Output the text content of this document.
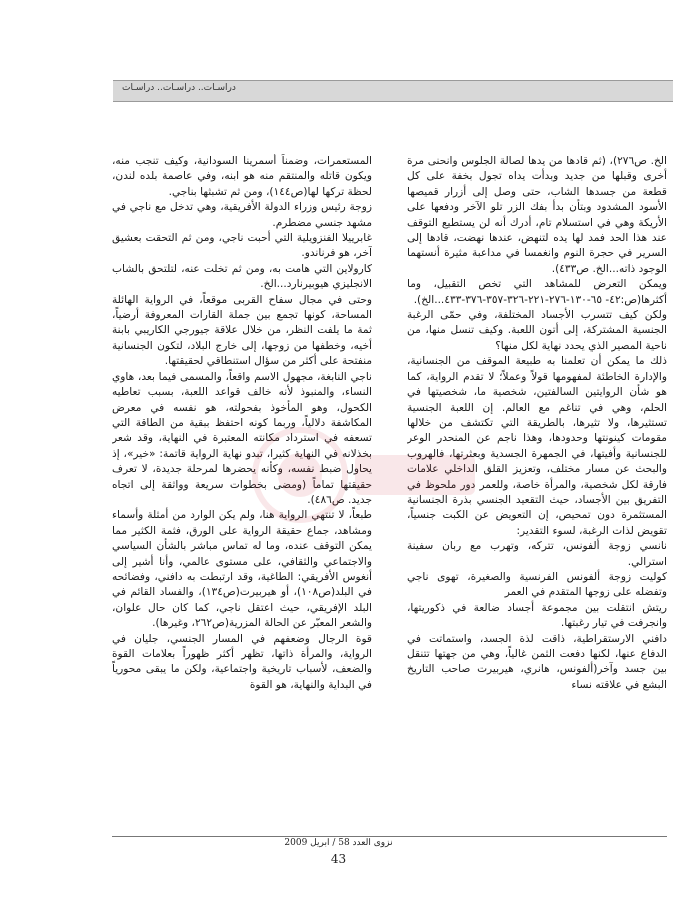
دراسـات.. دراسـات.. دراسـات

الخ. ص٢٧٦)، (ثم قادها من يدها لصالة الجلوس وانحنى مرة أخرى وقبلها من جديد وبدأت يداه تجول بخفة على كل قطعة من جسدها الشاب، حتى وصل إلى أزرار قميصها الأسود المشدود وبتأن بدأ بفك الزر تلو الآخر ودفعها على الأريكة وهي في استسلام تام، أدرك أنه لن يستطيع التوقف عند هذا الحد فمد لها يده لتنهض، عندها نهضت، قادها إلى السرير في حجرة النوم وانغمسا في مداعبة مثيرة أنستهما الوجود ذاته...الخ. ص٤٣٣).

ويمكن التعرض للمشاهد التي تخص التقبيل، وما أكثرها(ص:٤٢- ٦٥-١٣٠-٢٧٦-٢٢١-٣٢٦-٣٥٧-٣٧٦-٤٣٣...الخ).

ولكن كيف تتسرب الأجساد المختلفة، وفي حمّى الرغبة الجنسية المشتركة، إلى أتون اللعبة. وكيف تنسل منها، من ناحية المصير الذي يحدد نهاية لكل منها؟

ذلك ما يمكن أن تعلمنا به طبيعة الموقف من الجنسانية، والإدارة الخاطئة لمفهومها قولاً وعملاً؛ لا تقدم الرواية، كما هو شأن الروايتين السالفتين، شخصية ما، شخصيتها في الحلم، وهي في تناغم مع العالم. إن اللعبة الجنسية تستثيرها، ولا تثيرها، بالطريقة التي تكتشف من خلالها مقومات كينونتها وحدودها، وهذا ناجم عن المنحدر الوعر للجنسانية وأفيتها، في الجمهرة الجسدية وبعثرتها، فالهروب والبحث عن مسار مختلف، وتعزيز القلق الداخلي علامات فارقة لكل شخصية، والمرأة خاصة، وللعمر دور ملحوظ في التفريق بين الأجساد، حيث التقعيد الجنسي بذرة الجنسانية المستثمرة دون تمحيص، إن التعويض عن الكبت جنسياً، تقويض لذات الرغبة، لسوء التقدير:

نانسي زوجة ألفونس، تتركه، وتهرب مع ربان سفينة استرالي.

كوليت زوجة ألفونس الفرنسية والصغيرة، تهوى ناجي وتفضله على زوجها المتقدم في العمر

ريتش انتقلت بين مجموعة أجساد ضالعة في ذكوريتها، وانجرفت في تيار رغبتها.

دافني الارستقراطية، ذاقت لذة الجسد، واستماتت في الدفاع عنها، لكنها دفعت الثمن غالياً، وهي من جهتها تتنقل بين جسد وآخر(ألفونس، هانري، هيربيرت صاحب التاريخ البشع في علاقته نساء

المستعمرات، وضمناً أسمرينا السودانية، وكيف تنجب منه، ويكون قاتله والمنتقم منه هو ابنه، وفي عاصمة بلده لندن، لحظة تركها لها(ص١٤٤)، ومن ثم تشبثها بناجي.

زوجة رئيس وزراء الدولة الأفريقية، وهي تدخل مع ناجي في مشهد جنسي مضطرم.

غابرييلا الفنزويلية التي أحبت ناجي، ومن ثم التحقت بعشيق آخر، هو فرناندو.

كارولاين التي هامت به، ومن ثم تخلت عنه، لتلتحق بالشاب الانجليزي هيوبيرنارد...الخ.

وحتى في مجال سفاح القربى موقعاً، في الرواية الهائلة المساحة، كونها تجمع بين جملة القارات المعروفة أرضياً، ثمة ما يلفت النظر، من خلال علاقة جيورجي الكاريبي بابنة أخيه، وخطفها من زوجها، إلى خارج البلاد، لتكون الجنسانية منفتحة على أكثر من سؤال استنطاقي لحقيقتها.

ناجي النابغة، مجهول الاسم واقعاً، والمسمى فيما بعد، هاوي النساء، والمنبوذ لأنه خالف قواعد اللعبة، بسبب تعاطيه الكحول، وهو المأخوذ بفحولته، هو نفسه في معرض المكاشفة دلالياً، وربما كونه احتفظ ببقية من الطاقة التي تسعفه في استرداد مكانته المعتبرة في النهاية، وقد شعر بخذلانه في النهاية كثيرا، تبدو نهاية الرواية قاتمة: «خير»، إذ يحاول ضبط نفسه، وكأنه يحضرها لمرحلة جديدة، لا تعرف حقيقتها تماماً (ومضى بخطوات سريعة وواثقة إلى اتجاه جديد. ص٤٨٦).

طبعاً، لا تنتهي الرواية هنا، ولم يكن الوارد من أمثلة وأسماء ومشاهد، جماع حقيقة الرواية على الورق، فثمة الكثير مما يمكن التوقف عنده، وما له تماس مباشر بالشأن السياسي والاجتماعي والثقافي، على مستوى عالمي، وأنا أشير إلى أنغوس الأفريقي: الطاغية، وقد ارتبطت به دافني، وفضائحه في البلد(ص١٠٨)، أو هيربيرت(ص١٣٤)، والفساد القائم في البلد الإفريقي، حيث اعتقل ناجي، كما كان حال علوان، والشعر المعبّر عن الحالة المزرية(ص٢٦٢، وغيرها).

قوة الرجال وضعفهم في المسار الجنسي، جليان في الرواية، والمرأة ذاتها، تظهر أكثر ظهوراً بعلامات القوة والضعف، لأسباب تاريخية واجتماعية، ولكن ما يبقى محورياً في البداية والنهاية، هو القوة

نزوى العدد 58 / ابريل 2009
43
